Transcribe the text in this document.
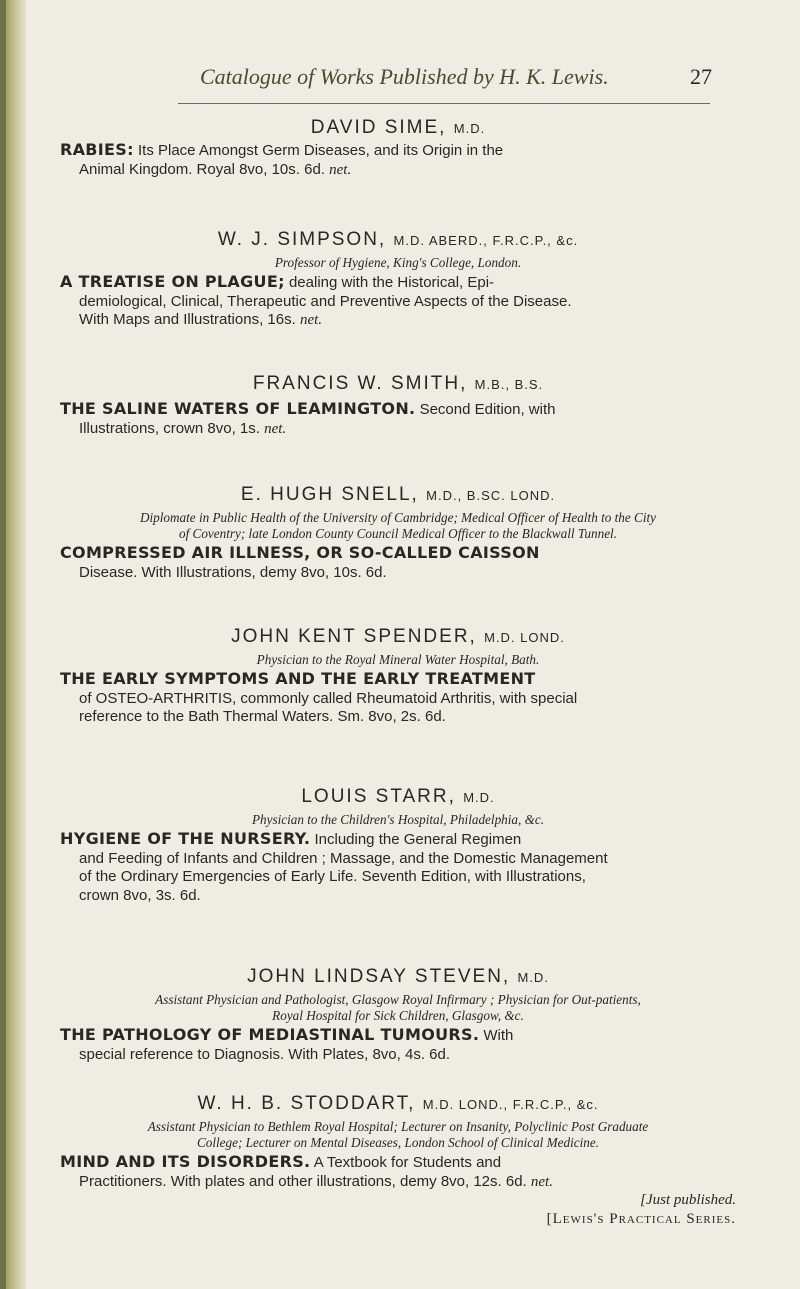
Catalogue of Works Published by H. K. Lewis.	27

DAVID SIME, M.D.

RABIES: Its Place Amongst Germ Diseases, and its Origin in the
Animal Kingdom. Royal 8vo, 10s. 6d. net.

W. J. SIMPSON, M.D. ABERD., F.R.C.P., &c.

Professor of Hygiene, King's College, London.

A TREATISE ON PLAGUE; dealing with the Historical, Epi-
demiological, Clinical, Therapeutic and Preventive Aspects of the Disease.
With Maps and Illustrations, 16s. net.

FRANCIS W. SMITH, M.B., B.S.

THE SALINE WATERS OF LEAMINGTON. Second Edition, with
Illustrations, crown 8vo, 1s. net.

E. HUGH SNELL, M.D., B.SC. LOND.

Diplomate in Public Health of the University of Cambridge; Medical Officer of Health to the City

of Coventry; late London County Council Medical Officer to the Blackwall Tunnel.

COMPRESSED AIR ILLNESS, OR SO-CALLED CAISSON
Disease. With Illustrations, demy 8vo, 10s. 6d.

JOHN KENT SPENDER, M.D. LOND.

Physician to the Royal Mineral Water Hospital, Bath.

THE EARLY SYMPTOMS AND THE EARLY TREATMENT
of OSTEO-ARTHRITIS, commonly called Rheumatoid Arthritis, with special
reference to the Bath Thermal Waters. Sm. 8vo, 2s. 6d.

LOUIS STARR, M.D.

Physician to the Children's Hospital, Philadelphia, &c.

HYGIENE OF THE NURSERY. Including the General Regimen
and Feeding of Infants and Children ; Massage, and the Domestic Management
of the Ordinary Emergencies of Early Life. Seventh Edition, with Illustrations,
crown 8vo, 3s. 6d.

JOHN LINDSAY STEVEN, M.D.

Assistant Physician and Pathologist, Glasgow Royal Infirmary ; Physician for Out-patients,

Royal Hospital for Sick Children, Glasgow, &c.

THE PATHOLOGY OF MEDIASTINAL TUMOURS. With
special reference to Diagnosis. With Plates, 8vo, 4s. 6d.

W. H. B. STODDART, M.D. LOND., F.R.C.P., &c.

Assistant Physician to Bethlem Royal Hospital; Lecturer on Insanity, Polyclinic Post Graduate

College; Lecturer on Mental Diseases, London School of Clinical Medicine.

MIND AND ITS DISORDERS. A Textbook for Students and
Practitioners. With plates and other illustrations, demy 8vo, 12s. 6d. net.

[Just published.

[Lewis's Practical Series.
